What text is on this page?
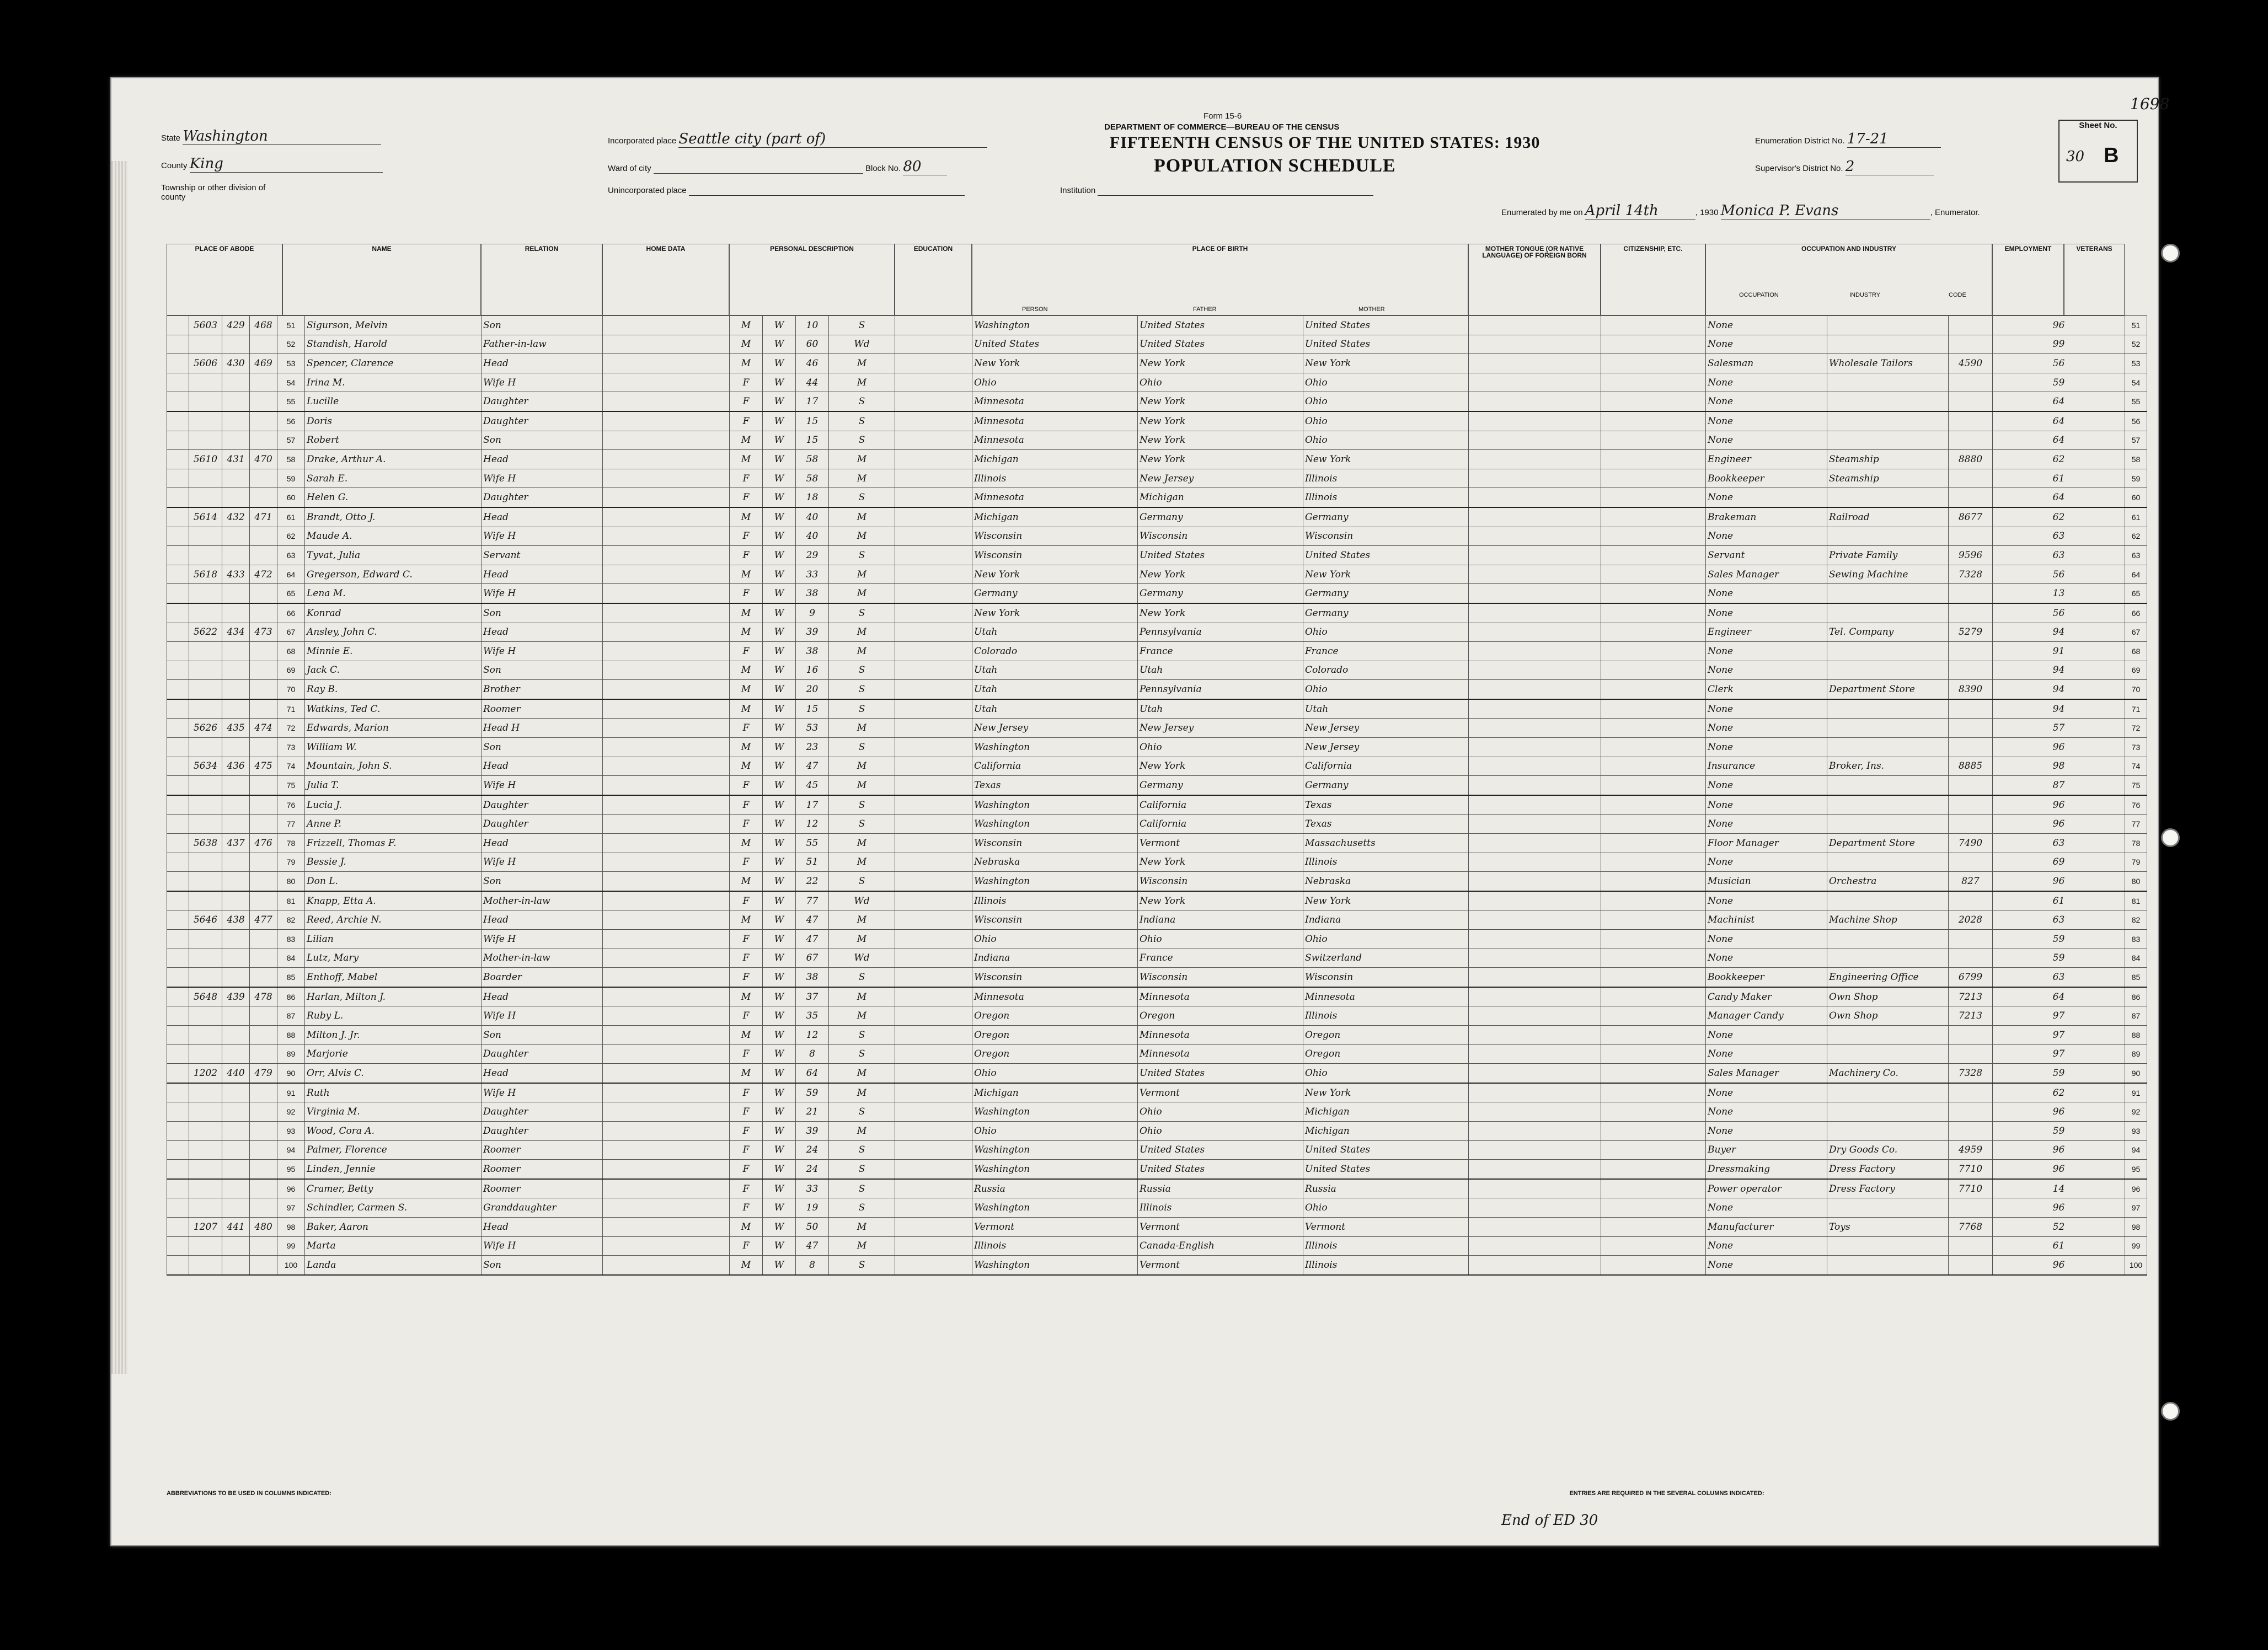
State Washington
County King
Township or other division of county
Incorporated place Seattle city (part of)
Ward of city	Block No. 80
Unincorporated place	Institution
Form 15-6
DEPARTMENT OF COMMERCE—BUREAU OF THE CENSUS
FIFTEENTH CENSUS OF THE UNITED STATES: 1930
POPULATION SCHEDULE
Enumeration District No. 17-21
Supervisor's District No. 2
Sheet No.
30 B
1698
Enumerated by me on April 14th	, 1930 Monica P. Evans	, Enumerator.
PLACE OF ABODE	NAME	RELATION	HOME DATA	PERSONAL DESCRIPTION	EDUCATION	PLACE OF BIRTH
PERSON	FATHER	MOTHER
MOTHER TONGUE (OR NATIVE LANGUAGE) OF FOREIGN BORN
CITIZENSHIP, ETC.	OCCUPATION AND INDUSTRY
OCCUPATION	INDUSTRY	CODE
EMPLOYMENT	VETERANS
	5603	429	468	51	Sigurson, Melvin	Son		M	W	10	S		Washington	United States	United States			None			96	51
				52	Standish, Harold	Father-in-law		M	W	60	Wd		United States	United States	United States			None			99	52
	5606	430	469	53	Spencer, Clarence	Head		M	W	46	M		New York	New York	New York			Salesman	Wholesale Tailors	4590	56	53
				54	Irina M.	Wife H		F	W	44	M		Ohio	Ohio	Ohio			None			59	54
				55	Lucille	Daughter		F	W	17	S		Minnesota	New York	Ohio			None			64	55
				56	Doris	Daughter		F	W	15	S		Minnesota	New York	Ohio			None			64	56
				57	Robert	Son		M	W	15	S		Minnesota	New York	Ohio			None			64	57
	5610	431	470	58	Drake, Arthur A.	Head		M	W	58	M		Michigan	New York	New York			Engineer	Steamship	8880	62	58
				59	Sarah E.	Wife H		F	W	58	M		Illinois	New Jersey	Illinois			Bookkeeper	Steamship		61	59
				60	Helen G.	Daughter		F	W	18	S		Minnesota	Michigan	Illinois			None			64	60
	5614	432	471	61	Brandt, Otto J.	Head		M	W	40	M		Michigan	Germany	Germany			Brakeman	Railroad	8677	62	61
				62	Maude A.	Wife H		F	W	40	M		Wisconsin	Wisconsin	Wisconsin			None			63	62
				63	Tyvat, Julia	Servant		F	W	29	S		Wisconsin	United States	United States			Servant	Private Family	9596	63	63
	5618	433	472	64	Gregerson, Edward C.	Head		M	W	33	M		New York	New York	New York			Sales Manager	Sewing Machine	7328	56	64
				65	Lena M.	Wife H		F	W	38	M		Germany	Germany	Germany			None			13	65
				66	Konrad	Son		M	W	9	S		New York	New York	Germany			None			56	66
	5622	434	473	67	Ansley, John C.	Head		M	W	39	M		Utah	Pennsylvania	Ohio			Engineer	Tel. Company	5279	94	67
				68	Minnie E.	Wife H		F	W	38	M		Colorado	France	France			None			91	68
				69	Jack C.	Son		M	W	16	S		Utah	Utah	Colorado			None			94	69
				70	Ray B.	Brother		M	W	20	S		Utah	Pennsylvania	Ohio			Clerk	Department Store	8390	94	70
				71	Watkins, Ted C.	Roomer		M	W	15	S		Utah	Utah	Utah			None			94	71
	5626	435	474	72	Edwards, Marion	Head H		F	W	53	M		New Jersey	New Jersey	New Jersey			None			57	72
				73	William W.	Son		M	W	23	S		Washington	Ohio	New Jersey			None			96	73
	5634	436	475	74	Mountain, John S.	Head		M	W	47	M		California	New York	California			Insurance	Broker, Ins.	8885	98	74
				75	Julia T.	Wife H		F	W	45	M		Texas	Germany	Germany			None			87	75
				76	Lucia J.	Daughter		F	W	17	S		Washington	California	Texas			None			96	76
				77	Anne P.	Daughter		F	W	12	S		Washington	California	Texas			None			96	77
	5638	437	476	78	Frizzell, Thomas F.	Head		M	W	55	M		Wisconsin	Vermont	Massachusetts			Floor Manager	Department Store	7490	63	78
				79	Bessie J.	Wife H		F	W	51	M		Nebraska	New York	Illinois			None			69	79
				80	Don L.	Son		M	W	22	S		Washington	Wisconsin	Nebraska			Musician	Orchestra	827	96	80
				81	Knapp, Etta A.	Mother-in-law		F	W	77	Wd		Illinois	New York	New York			None			61	81
	5646	438	477	82	Reed, Archie N.	Head		M	W	47	M		Wisconsin	Indiana	Indiana			Machinist	Machine Shop	2028	63	82
				83	Lilian	Wife H		F	W	47	M		Ohio	Ohio	Ohio			None			59	83
				84	Lutz, Mary	Mother-in-law		F	W	67	Wd		Indiana	France	Switzerland			None			59	84
				85	Enthoff, Mabel	Boarder		F	W	38	S		Wisconsin	Wisconsin	Wisconsin			Bookkeeper	Engineering Office	6799	63	85
	5648	439	478	86	Harlan, Milton J.	Head		M	W	37	M		Minnesota	Minnesota	Minnesota			Candy Maker	Own Shop	7213	64	86
				87	Ruby L.	Wife H		F	W	35	M		Oregon	Oregon	Illinois			Manager Candy	Own Shop	7213	97	87
				88	Milton J. Jr.	Son		M	W	12	S		Oregon	Minnesota	Oregon			None			97	88
				89	Marjorie	Daughter		F	W	8	S		Oregon	Minnesota	Oregon			None			97	89
	1202	440	479	90	Orr, Alvis C.	Head		M	W	64	M		Ohio	United States	Ohio			Sales Manager	Machinery Co.	7328	59	90
				91	Ruth	Wife H		F	W	59	M		Michigan	Vermont	New York			None			62	91
				92	Virginia M.	Daughter		F	W	21	S		Washington	Ohio	Michigan			None			96	92
				93	Wood, Cora A.	Daughter		F	W	39	M		Ohio	Ohio	Michigan			None			59	93
				94	Palmer, Florence	Roomer		F	W	24	S		Washington	United States	United States			Buyer	Dry Goods Co.	4959	96	94
				95	Linden, Jennie	Roomer		F	W	24	S		Washington	United States	United States			Dressmaking	Dress Factory	7710	96	95
				96	Cramer, Betty	Roomer		F	W	33	S		Russia	Russia	Russia			Power operator	Dress Factory	7710	14	96
				97	Schindler, Carmen S.	Granddaughter		F	W	19	S		Washington	Illinois	Ohio			None			96	97
	1207	441	480	98	Baker, Aaron	Head		M	W	50	M		Vermont	Vermont	Vermont			Manufacturer	Toys	7768	52	98
				99	Marta	Wife H		F	W	47	M		Illinois	Canada-English	Illinois			None			61	99
				100	Landa	Son		M	W	8	S		Washington	Vermont	Illinois			None			96	100
ABBREVIATIONS TO BE USED IN COLUMNS INDICATED:	ENTRIES ARE REQUIRED IN THE SEVERAL COLUMNS INDICATED:
End of ED 30
